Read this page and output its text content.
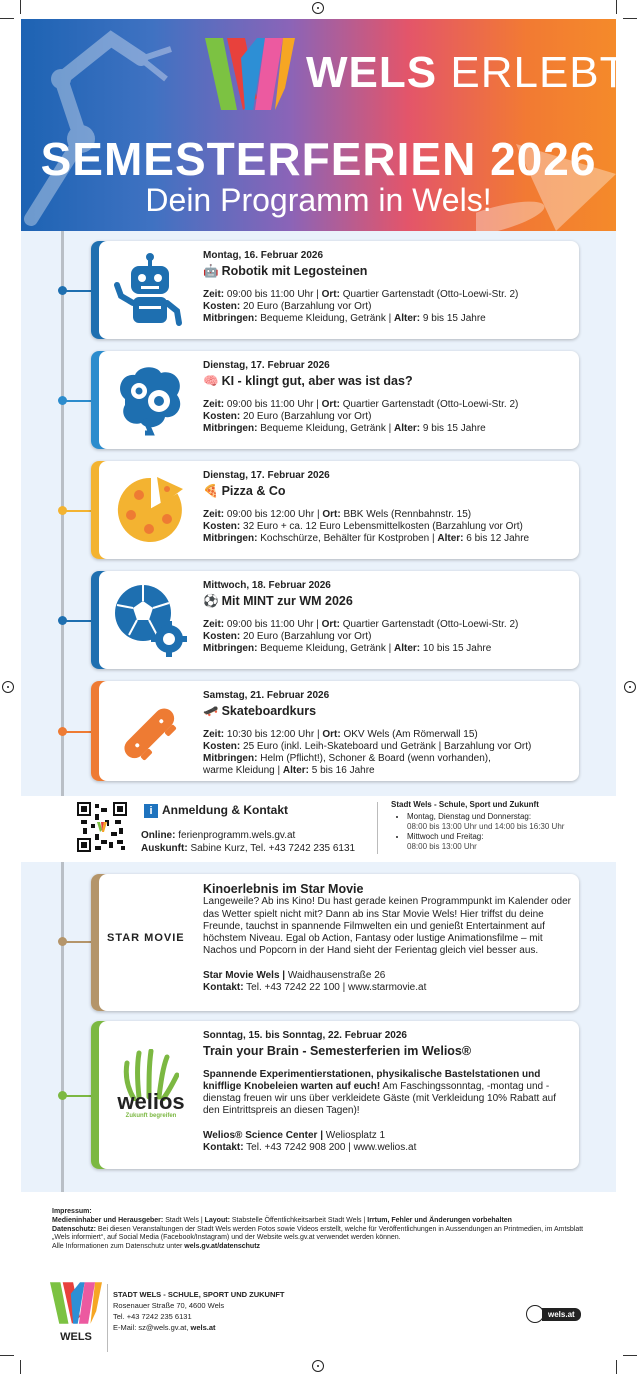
WELS ERLEBT
SEMESTERFERIEN 2026
Dein Programm in Wels!
Montag, 16. Februar 2026
🤖 Robotik mit Legosteinen
Zeit: 09:00 bis 11:00 Uhr | Ort: Quartier Gartenstadt (Otto-Loewi-Str. 2)
Kosten: 20 Euro (Barzahlung vor Ort)
Mitbringen: Bequeme Kleidung, Getränk | Alter: 9 bis 15 Jahre
Dienstag, 17. Februar 2026
🧠 KI - klingt gut, aber was ist das?
Zeit: 09:00 bis 11:00 Uhr | Ort: Quartier Gartenstadt (Otto-Loewi-Str. 2)
Kosten: 20 Euro (Barzahlung vor Ort)
Mitbringen: Bequeme Kleidung, Getränk | Alter: 9 bis 15 Jahre
Dienstag, 17. Februar 2026
🍕 Pizza & Co
Zeit: 09:00 bis 12:00 Uhr | Ort: BBK Wels (Rennbahnstr. 15)
Kosten: 32 Euro + ca. 12 Euro Lebensmittelkosten (Barzahlung vor Ort)
Mitbringen: Kochschürze, Behälter für Kostproben | Alter: 6 bis 12 Jahre
Mittwoch, 18. Februar 2026
⚽ Mit MINT zur WM 2026
Zeit: 09:00 bis 11:00 Uhr | Ort: Quartier Gartenstadt (Otto-Loewi-Str. 2)
Kosten: 20 Euro (Barzahlung vor Ort)
Mitbringen: Bequeme Kleidung, Getränk | Alter: 10 bis 15 Jahre
Samstag, 21. Februar 2026
🛹 Skateboardkurs
Zeit: 10:30 bis 12:00 Uhr | Ort: OKV Wels (Am Römerwall 15)
Kosten: 25 Euro (inkl. Leih-Skateboard und Getränk | Barzahlung vor Ort)
Mitbringen: Helm (Pflicht!), Schoner & Board (wenn vorhanden),
warme Kleidung | Alter: 5 bis 16 Jahre
i Anmeldung & Kontakt
Online: ferienprogramm.wels.gv.at
Auskunft: Sabine Kurz, Tel. +43 7242 235 6131
Stadt Wels - Schule, Sport und Zukunft
• Montag, Dienstag und Donnerstag:
08:00 bis 13:00 Uhr und 14:00 bis 16:30 Uhr
• Mittwoch und Freitag:
08:00 bis 13:00 Uhr
STAR MOVIE
Kinoerlebnis im Star Movie
Langeweile? Ab ins Kino! Du hast gerade keinen Programmpunkt im Kalender oder das Wetter spielt nicht mit? Dann ab ins Star Movie Wels! Hier triffst du deine Freunde, tauchst in spannende Filmwelten ein und genießt Entertainment auf höchstem Niveau. Egal ob Action, Fantasy oder lustige Animationsfilme – mit Nachos und Popcorn in der Hand sieht der Ferientag gleich viel besser aus.
Star Movie Wels | Waidhausenstraße 26
Kontakt: Tel. +43 7242 22 100 | www.starmovie.at
welios
Zukunft begreifen
Sonntag, 15. bis Sonntag, 22. Februar 2026
Train your Brain - Semesterferien im Welios®
Spannende Experimentierstationen, physikalische Bastelstationen und knifflige Knobeleien warten auf euch! Am Faschingssonntag, -montag und -dienstag freuen wir uns über verkleidete Gäste (mit Verkleidung 10% Rabatt auf den Eintrittspreis an diesen Tagen)!
Welios® Science Center | Weliosplatz 1
Kontakt: Tel. +43 7242 908 200 | www.welios.at
Impressum:
Medieninhaber und Herausgeber: Stadt Wels | Layout: Stabstelle Öffentlichkeitsarbeit Stadt Wels | Irrtum, Fehler und Änderungen vorbehalten
Datenschutz: Bei diesen Veranstaltungen der Stadt Wels werden Fotos sowie Videos erstellt, welche für Veröffentlichungen in Aussendungen an Printmedien, im Amtsblatt „Wels informiert“, auf Social Media (Facebook/Instagram) und der Website wels.gv.at verwendet werden können.
Alle Informationen zum Datenschutz unter wels.gv.at/datenschutz
WELS
STADT WELS - SCHULE, SPORT UND ZUKUNFT
Rosenauer Straße 70, 4600 Wels
Tel. +43 7242 235 6131
E-Mail: sz@wels.gv.at, wels.at
wels.at
